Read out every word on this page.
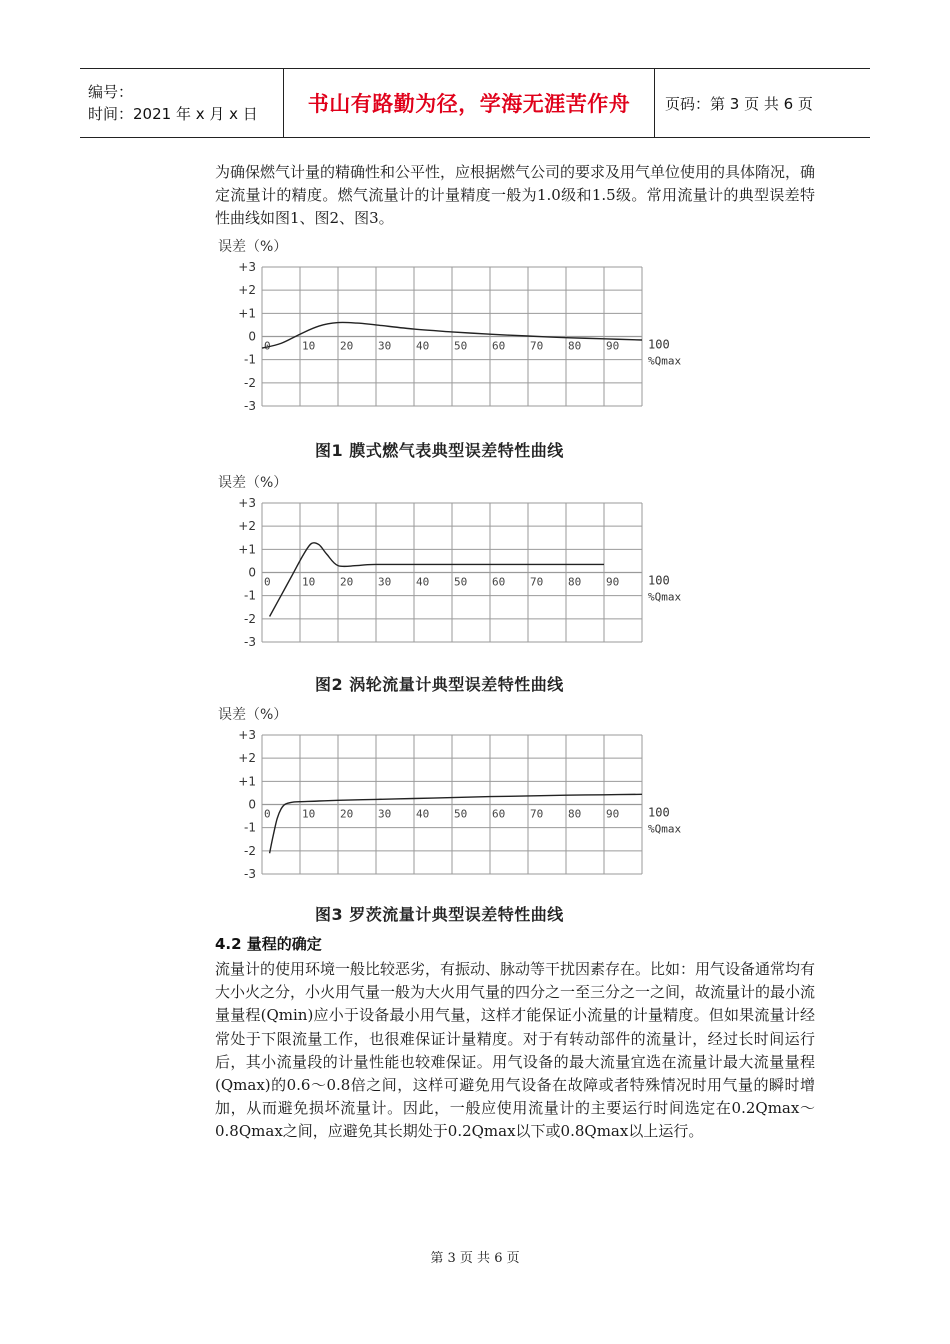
编号：
时间：2021 年 x 月 x 日	书山有路勤为径，学海无涯苦作舟	页码：第 3 页 共 6 页
为确保燃气计量的精确性和公平性，应根据燃气公司的要求及用气单位使用的具体隋况，确定流量计的精度。燃气流量计的计量精度一般为1.0级和1.5级。常用流量计的典型误差特性曲线如图1、图2、图3。
误差（%）
+3
+2
+1
0
-1
-2
-3
0	10 20 30 40 50 60 70 80 90 100
%Qmax
图1 膜式燃气表典型误差特性曲线
误差（%）
+3
+2
+1
0
-1
-2
-3
0	10 20 30 40 50 60 70 80 90 100
%Qmax
图2 涡轮流量计典型误差特性曲线
误差（%）
+3
+2
+1
0
-1
-2
-3
0	10 20 30 40 50 60 70 80 90 100
%Qmax
图3 罗茨流量计典型误差特性曲线
4.2 量程的确定
流量计的使用环境一般比较恶劣，有振动、脉动等干扰因素存在。比如：用气设备通常均有大小火之分，小火用气量一般为大火用气量的四分之一至三分之一之间，故流量计的最小流量量程(Qmin)应小于设备最小用气量，这样才能保证小流量的计量精度。但如果流量计经常处于下限流量工作，也很难保证计量精度。对于有转动部件的流量计，经过长时间运行后，其小流量段的计量性能也较难保证。用气设备的最大流量宜选在流量计最大流量量程(Qmax)的0.6～0.8倍之间，这样可避免用气设备在故障或者特殊情况时用气量的瞬时增加，从而避免损坏流量计。因此，一般应使用流量计的主要运行时间选定在0.2Qmax～0.8Qmax之间，应避免其长期处于0.2Qmax以下或0.8Qmax以上运行。
第 3 页 共 6 页
